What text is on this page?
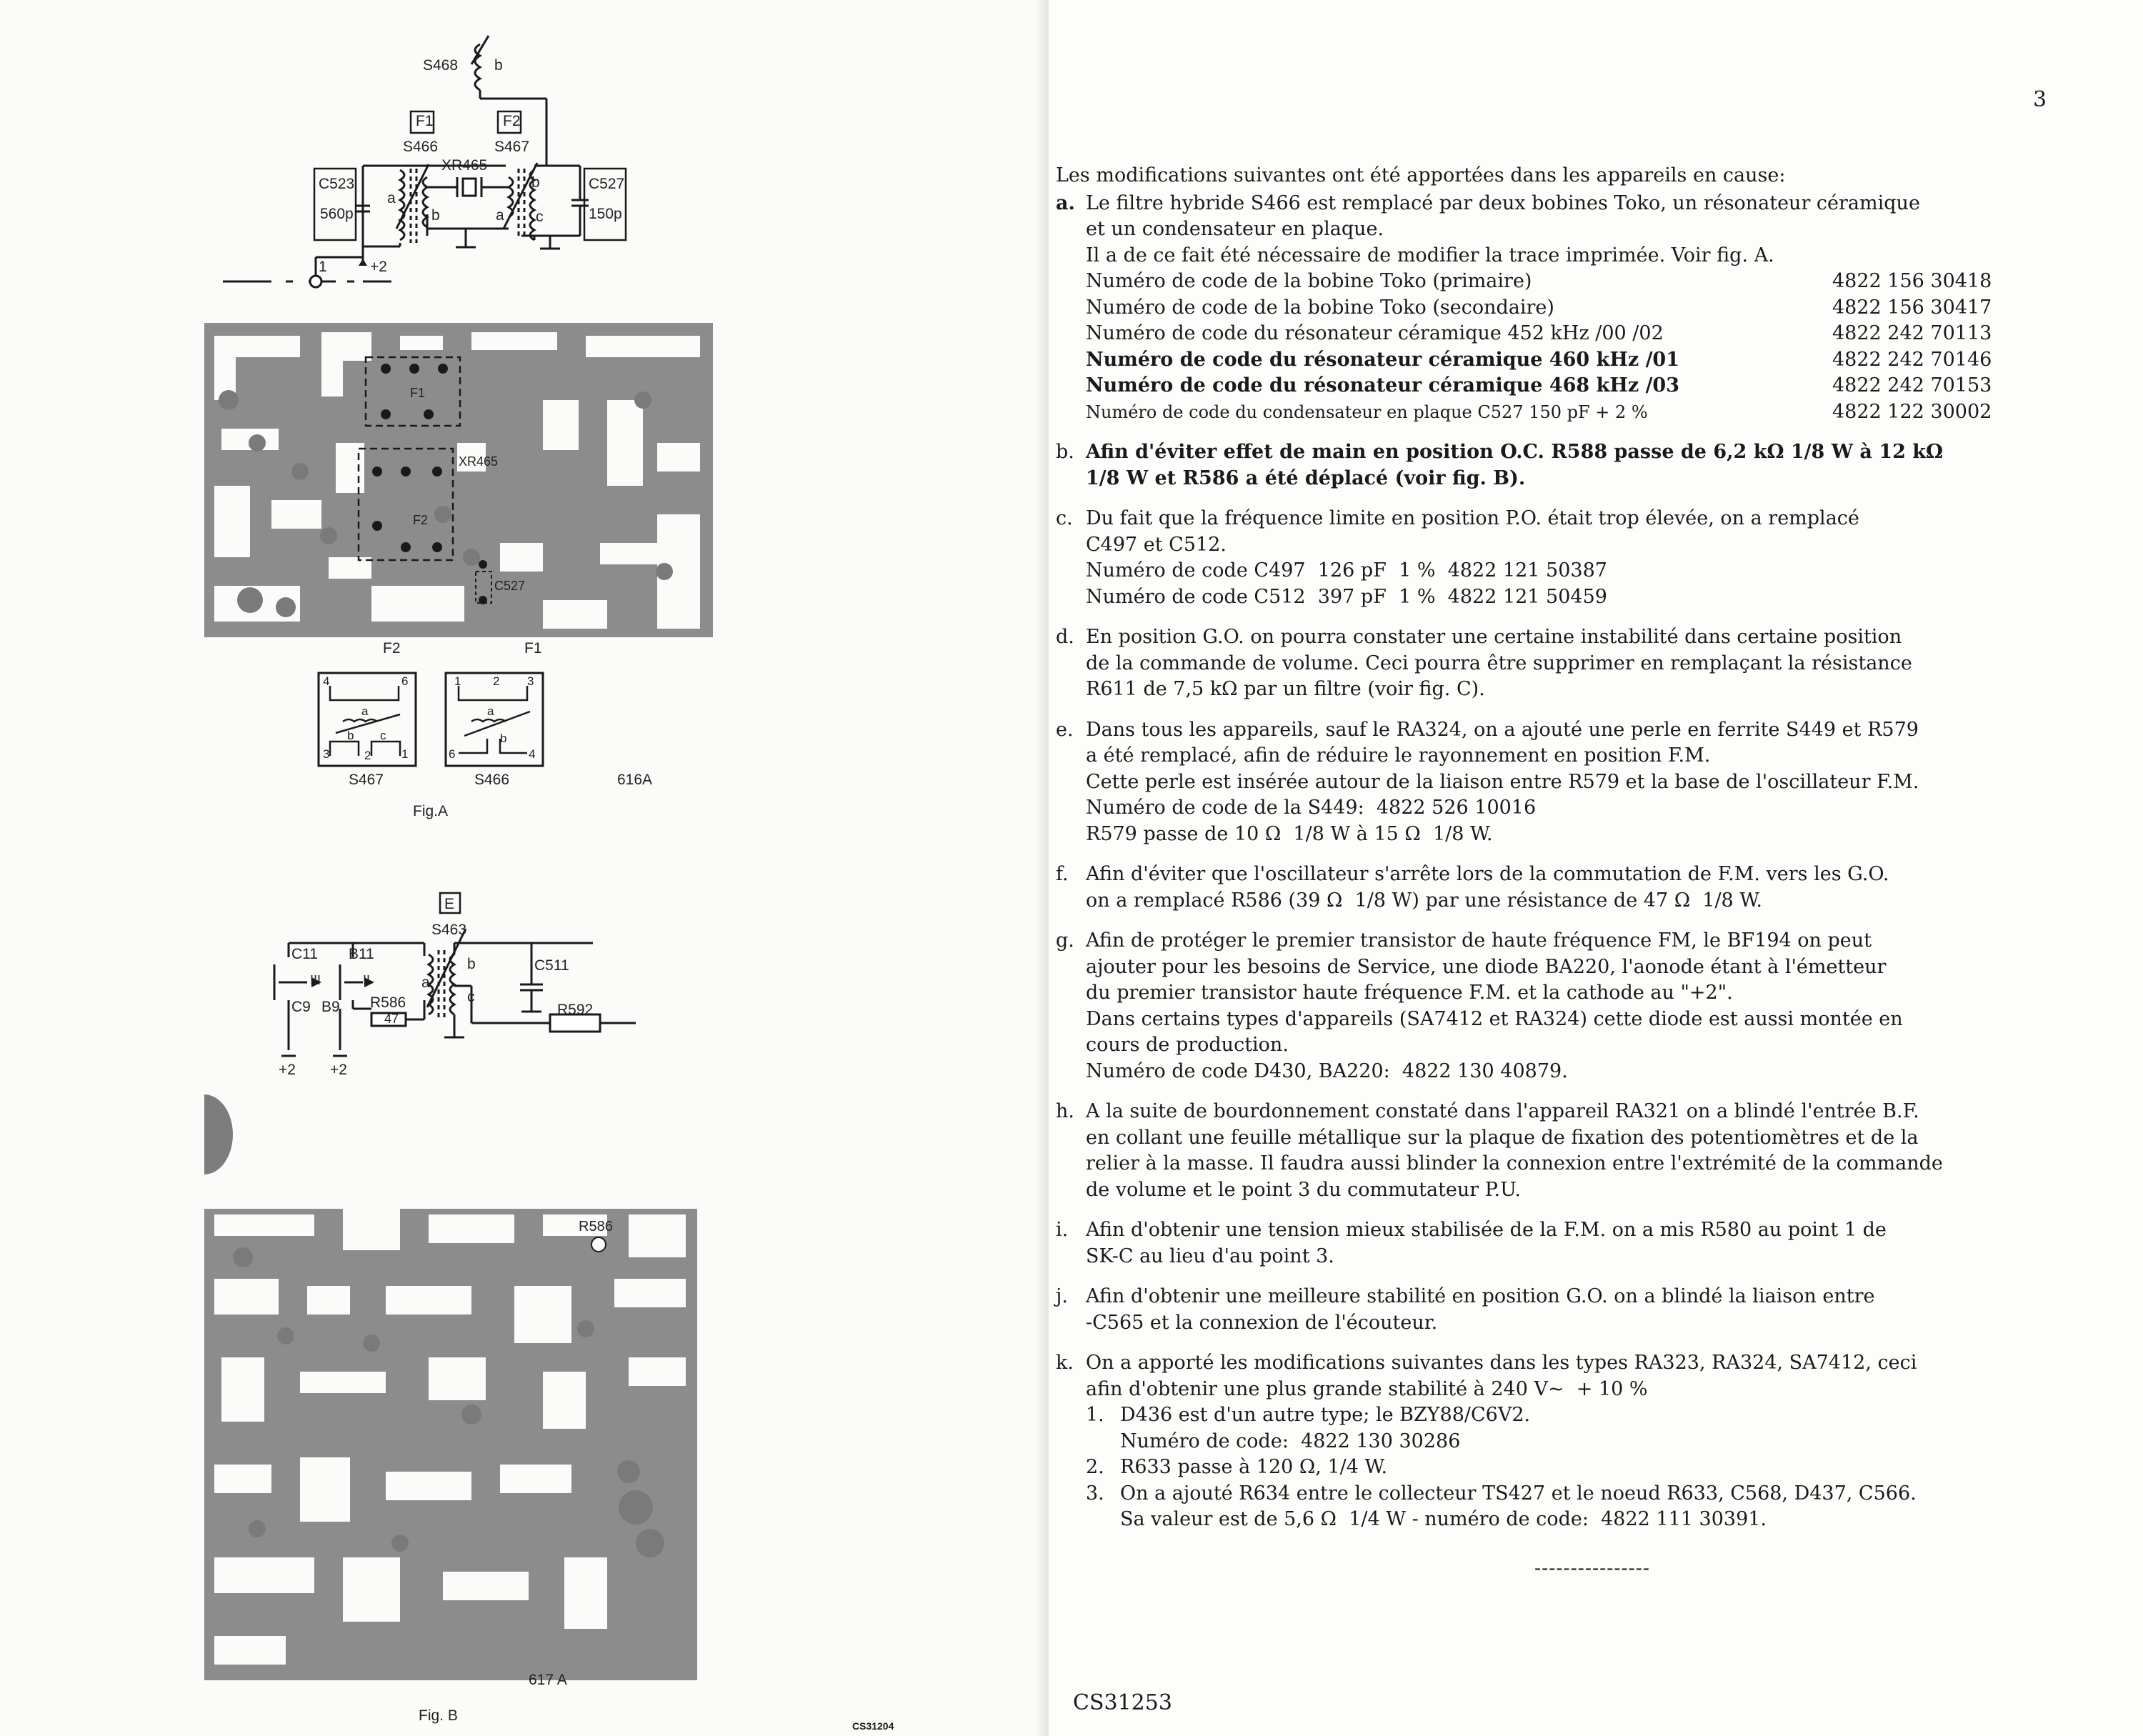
S468 b
F1	F2
S466	S467
XR465
C523
560p
C527
150p
a
b	a
b
c
1	+2
F1
F2
XR465
C527
F2	F1
4	6
3	2	1
a
b c
1	2 3
6	4
a
b
S467	S466	616A
Fig.A
E
S463
C11 B11
C9 B9
III	II
R586
47
a
b
c
C511
R592
+2 +2
R586
617 A
Fig. B
CS31204
3
Les modifications suivantes ont été apportées dans les appareils en cause:
a. Le filtre hybride S466 est remplacé par deux bobines Toko, un résonateur céramique
et un condensateur en plaque.
Il a de ce fait été nécessaire de modifier la trace imprimée. Voir fig. A.
Numéro de code de la bobine Toko (primaire)	4822 156 30418
Numéro de code de la bobine Toko (secondaire)	4822 156 30417
Numéro de code du résonateur céramique 452 kHz /00 /02	4822 242 70113
Numéro de code du résonateur céramique 460 kHz /01	4822 242 70146
Numéro de code du résonateur céramique 468 kHz /03	4822 242 70153
Numéro de code du condensateur en plaque C527 150 pF + 2 %	4822 122 30002
b. Afin d'éviter effet de main en position O.C. R588 passe de 6,2 kΩ 1/8 W à 12 kΩ
1/8 W et R586 a été déplacé (voir fig. B).
c. Du fait que la fréquence limite en position P.O. était trop élevée, on a remplacé
C497 et C512.
Numéro de code C497  126 pF  1 %  4822 121 50387
Numéro de code C512  397 pF  1 %  4822 121 50459
d. En position G.O. on pourra constater une certaine instabilité dans certaine position
de la commande de volume. Ceci pourra être supprimer en remplaçant la résistance
R611 de 7,5 kΩ par un filtre (voir fig. C).
e. Dans tous les appareils, sauf le RA324, on a ajouté une perle en ferrite S449 et R579
a été remplacé, afin de réduire le rayonnement en position F.M.
Cette perle est insérée autour de la liaison entre R579 et la base de l'oscillateur F.M.
Numéro de code de la S449:  4822 526 10016
R579 passe de 10 Ω  1/8 W à 15 Ω  1/8 W.
f. Afin d'éviter que l'oscillateur s'arrête lors de la commutation de F.M. vers les G.O.
on a remplacé R586 (39 Ω  1/8 W) par une résistance de 47 Ω  1/8 W.
g. Afin de protéger le premier transistor de haute fréquence FM, le BF194 on peut
ajouter pour les besoins de Service, une diode BA220, l'aonode étant à l'émetteur
du premier transistor haute fréquence F.M. et la cathode au "+2".
Dans certains types d'appareils (SA7412 et RA324) cette diode est aussi montée en
cours de production.
Numéro de code D430, BA220:  4822 130 40879.
h. A la suite de bourdonnement constaté dans l'appareil RA321 on a blindé l'entrée B.F.
en collant une feuille métallique sur la plaque de fixation des potentiomètres et de la
relier à la masse. Il faudra aussi blinder la connexion entre l'extrémité de la commande
de volume et le point 3 du commutateur P.U.
i. Afin d'obtenir une tension mieux stabilisée de la F.M. on a mis R580 au point 1 de
SK-C au lieu d'au point 3.
j. Afin d'obtenir une meilleure stabilité en position G.O. on a blindé la liaison entre
-C565 et la connexion de l'écouteur.
k. On a apporté les modifications suivantes dans les types RA323, RA324, SA7412, ceci
afin d'obtenir une plus grande stabilité à 240 V~  + 10 %
1. D436 est d'un autre type; le BZY88/C6V2.
Numéro de code:  4822 130 30286
2. R633 passe à 120 Ω, 1/4 W.
3. On a ajouté R634 entre le collecteur TS427 et le noeud R633, C568, D437, C566.
Sa valeur est de 5,6 Ω  1/4 W - numéro de code:  4822 111 30391.
----------------
CS31253
